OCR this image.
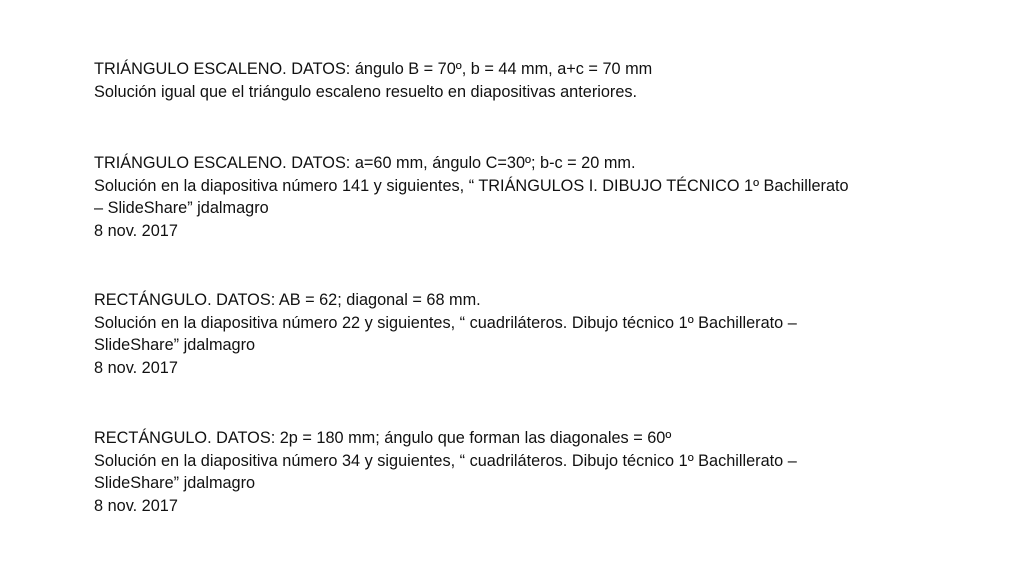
TRIÁNGULO ESCALENO. DATOS: ángulo B = 70º, b = 44 mm, a+c = 70 mm
Solución igual que el triángulo escaleno resuelto en diapositivas anteriores.
TRIÁNGULO ESCALENO. DATOS: a=60 mm, ángulo C=30º; b-c = 20 mm.
Solución en la diapositiva número 141 y siguientes, “ TRIÁNGULOS I. DIBUJO TÉCNICO 1º Bachillerato
– SlideShare” jdalmagro
8 nov. 2017
RECTÁNGULO. DATOS: AB = 62; diagonal = 68 mm.
Solución en la diapositiva número 22 y siguientes, “ cuadriláteros. Dibujo técnico 1º Bachillerato –
SlideShare” jdalmagro
8 nov. 2017
RECTÁNGULO. DATOS: 2p = 180 mm; ángulo que forman las diagonales = 60º
Solución en la diapositiva número 34 y siguientes, “ cuadriláteros. Dibujo técnico 1º Bachillerato –
SlideShare” jdalmagro
8 nov. 2017
